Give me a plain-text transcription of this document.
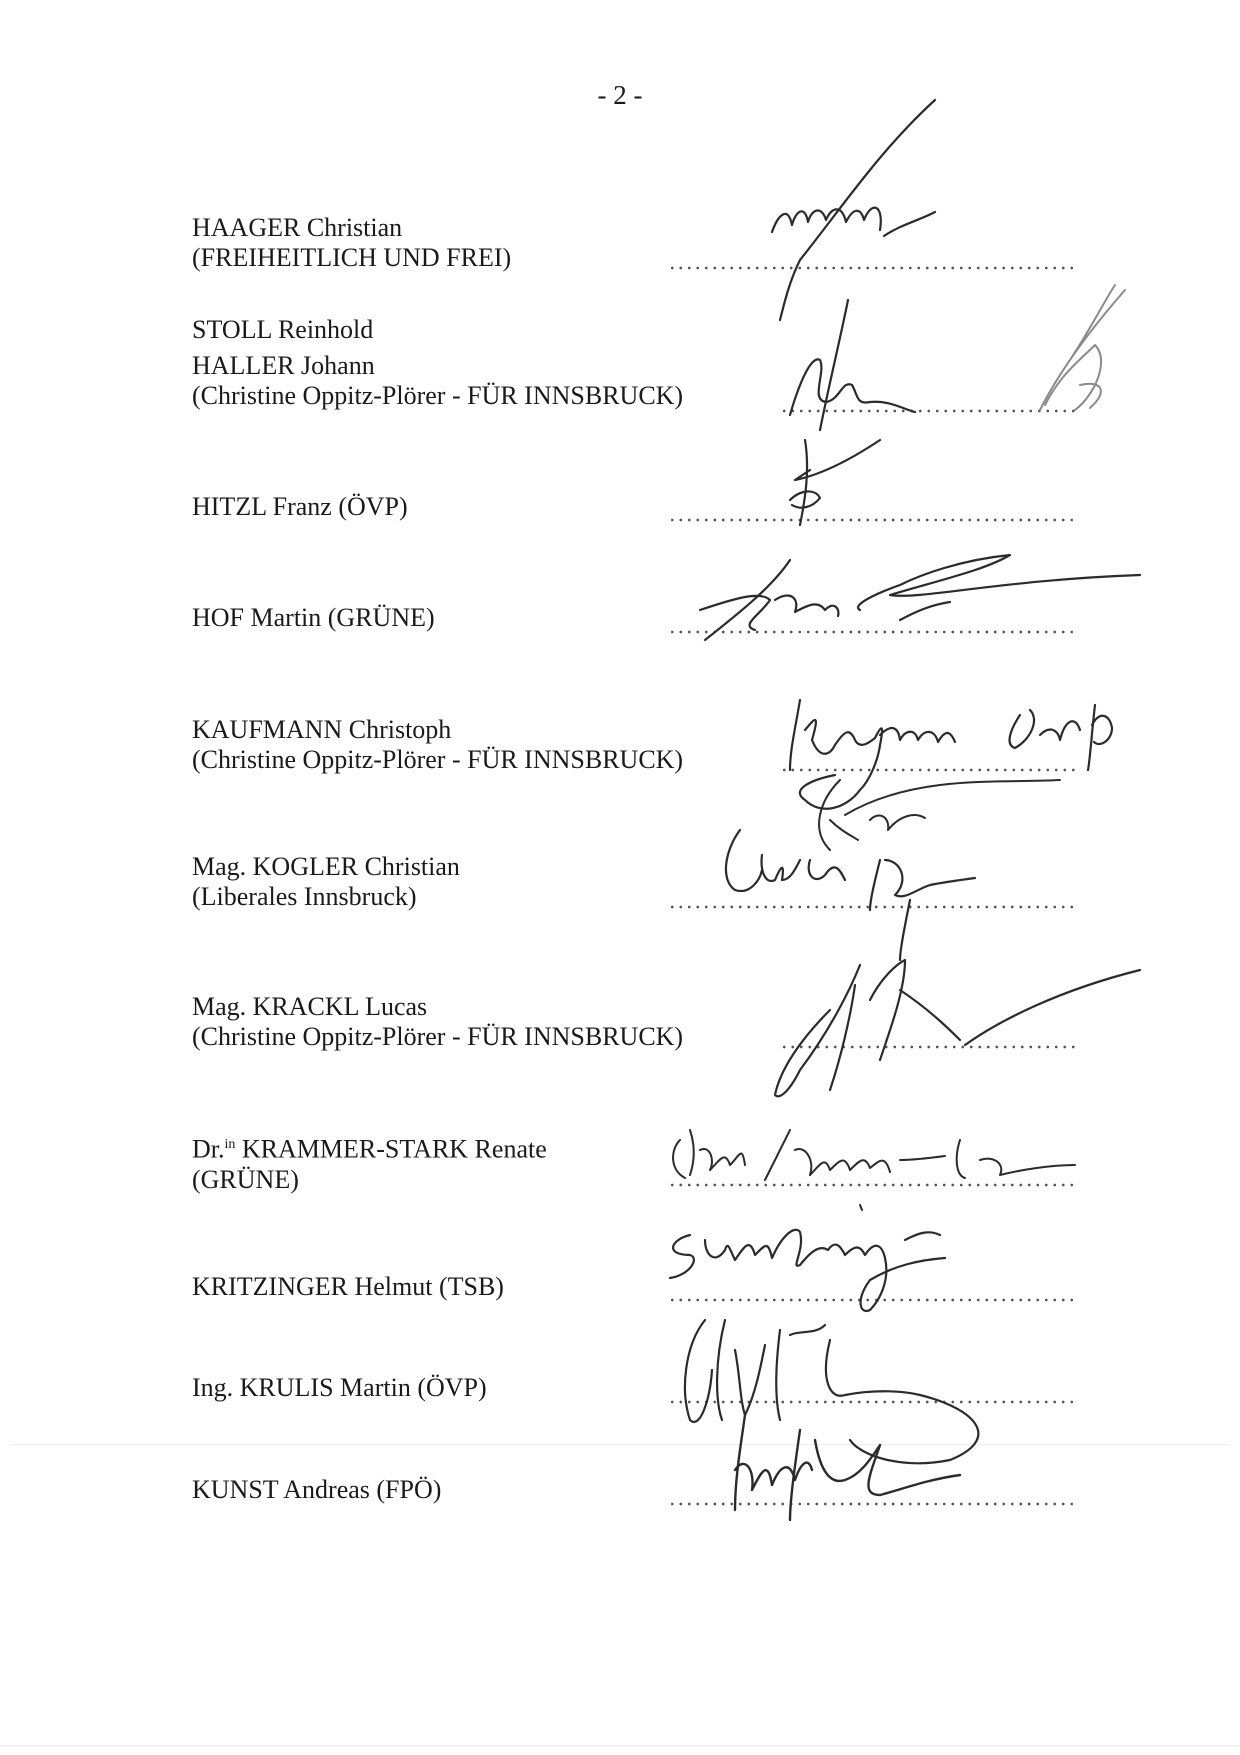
- 2 -
HAAGER Christian
(FREIHEITLICH UND FREI)
STOLL Reinhold
HALLER Johann
(Christine Oppitz-Plörer - FÜR INNSBRUCK)
HITZL Franz (ÖVP)
HOF Martin (GRÜNE)
KAUFMANN Christoph
(Christine Oppitz-Plörer - FÜR INNSBRUCK)
Mag. KOGLER Christian
(Liberales Innsbruck)
Mag. KRACKL Lucas
(Christine Oppitz-Plörer - FÜR INNSBRUCK)
Dr.$^{in}$ KRAMMER-STARK Renate
(GRÜNE)
KRITZINGER Helmut (TSB)
Ing. KRULIS Martin (ÖVP)
KUNST Andreas (FPÖ)
